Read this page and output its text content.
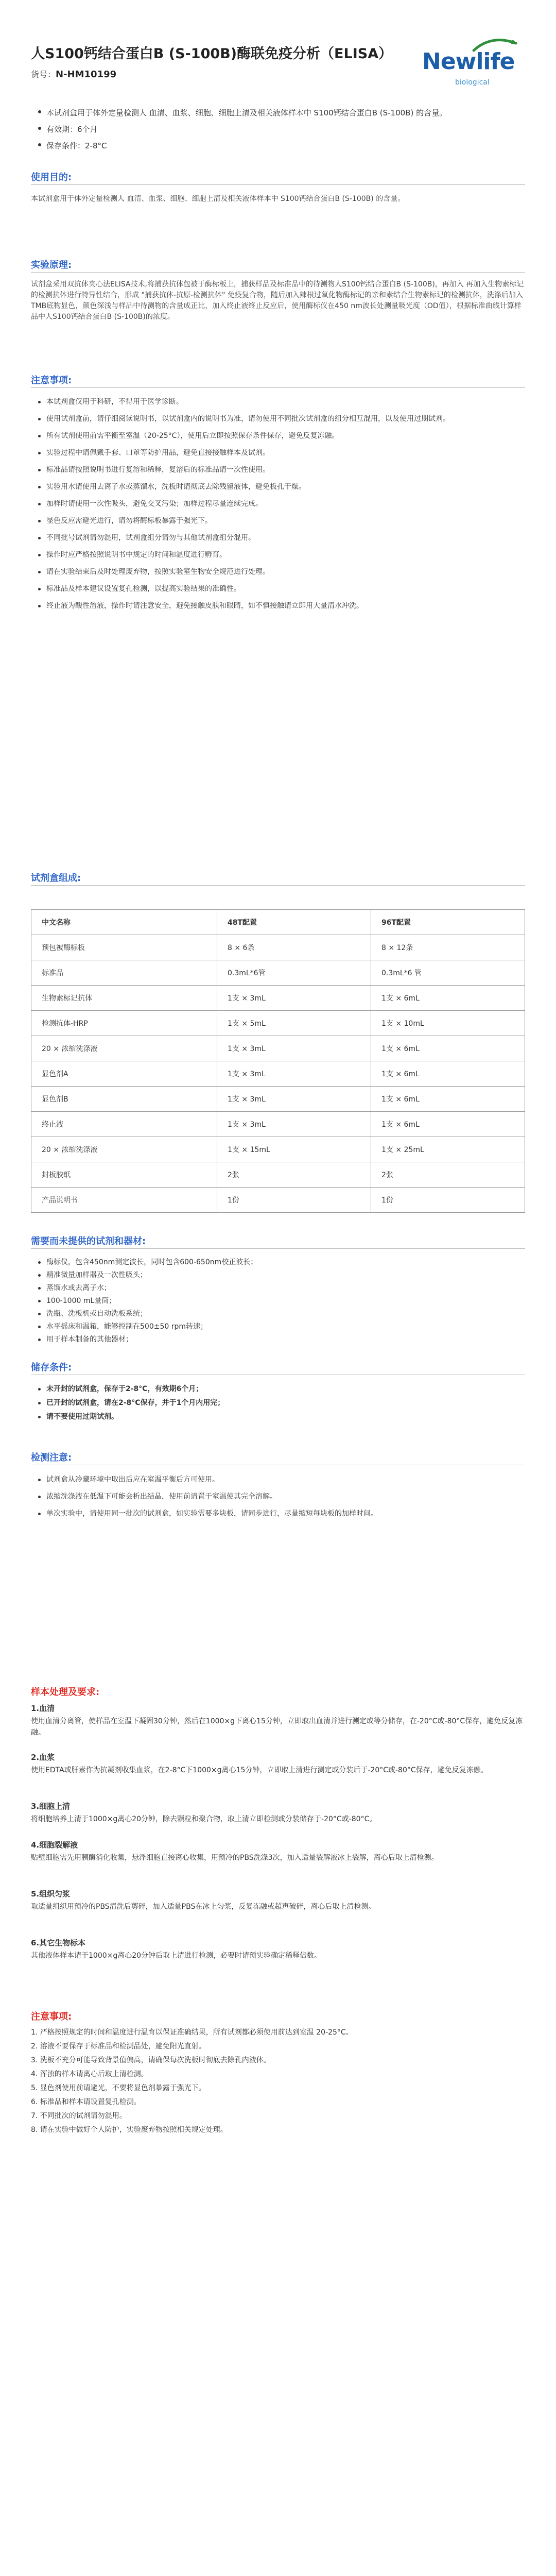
人S100钙结合蛋白B (S-100B)酶联免疫分析（ELISA）
货号：N-HM10199	Newlife
biological
本试剂盒用于体外定量检测人 血清、血浆、细胞、细胞上清及相关液体样本中 S100钙结合蛋白B (S-100B) 的含量。
有效期：6个月
保存条件：2-8°C
使用目的:
本试剂盒用于体外定量检测人 血清、血浆、细胞、细胞上清及相关液体样本中 S100钙结合蛋白B (S-100B) 的含量。
实验原理:
试剂盒采用双抗体夹心法ELISA技术,将捕获抗体包被于酶标板上，捕获样品及标准品中的待测物人S100钙结合蛋白B (S-100B)，再加入 再加入生物素标记的检测抗体进行特异性结合，形成 "捕获抗体-抗原-检测抗体" 免疫复合物，随后加入辣根过氧化物酶标记的亲和素结合生物素标记的检测抗体，洗涤后加入TMB底物显色，颜色深浅与样品中待测物的含量成正比，加入终止液终止反应后，使用酶标仪在450 nm波长处测量吸光度（OD值），根据标准曲线计算样品中人S100钙结合蛋白B (S-100B)的浓度。
注意事项:
本试剂盒仅用于科研，不得用于医学诊断。
使用试剂盒前，请仔细阅读说明书，以试剂盒内的说明书为准，请勿使用不同批次试剂盒的组分相互混用，以及使用过期试剂。
所有试剂使用前需平衡至室温（20-25°C），使用后立即按照保存条件保存，避免反复冻融。
实验过程中请佩戴手套、口罩等防护用品，避免直接接触样本及试剂。
标准品请按照说明书进行复溶和稀释，复溶后的标准品请一次性使用。
实验用水请使用去离子水或蒸馏水，洗板时请彻底去除残留液体，避免板孔干燥。
加样时请使用一次性吸头，避免交叉污染；加样过程尽量连续完成。
显色反应需避光进行，请勿将酶标板暴露于强光下。
不同批号试剂请勿混用，试剂盒组分请勿与其他试剂盒组分混用。
操作时应严格按照说明书中规定的时间和温度进行孵育。
请在实验结束后及时处理废弃物，按照实验室生物安全规范进行处理。
标准品及样本建议设置复孔检测，以提高实验结果的准确性。
终止液为酸性溶液，操作时请注意安全，避免接触皮肤和眼睛，如不慎接触请立即用大量清水冲洗。
试剂盒组成:
中文名称	48T配置	96T配置
预包被酶标板	8 × 6条	8 × 12条
标准品	0.3mL*6管	0.3mL*6 管
生物素标记抗体	1支 × 3mL	1支 × 6mL
检测抗体-HRP	1支 × 5mL	1支 × 10mL
20 × 浓缩洗涤液	1支 × 3mL	1支 × 6mL
显色剂A	1支 × 3mL	1支 × 6mL
显色剂B	1支 × 3mL	1支 × 6mL
终止液	1支 × 3mL	1支 × 6mL
20 × 浓缩洗涤液	1支 × 15mL	1支 × 25mL
封板胶纸	2张	2张
产品说明书	1份	1份
需要而未提供的试剂和器材:
酶标仪，包含450nm测定波长，同时包含600-650nm校正波长；
精准微量加样器及一次性吸头；
蒸馏水或去离子水；
100-1000 mL量筒；
洗瓶、洗板机或自动洗板系统；
水平摇床和温箱，能够控制在500±50 rpm转速；
用于样本制备的其他器材；
储存条件:
未开封的试剂盒，保存于2-8°C，有效期6个月；
已开封的试剂盒，请在2-8°C保存，并于1个月内用完；
请不要使用过期试剂。
检测注意:
试剂盒从冷藏环境中取出后应在室温平衡后方可使用。
浓缩洗涤液在低温下可能会析出结晶，使用前请置于室温使其完全溶解。
单次实验中，请使用同一批次的试剂盒，如实验需要多块板，请同步进行，尽量缩短每块板的加样时间。
样本处理及要求:
1.血清
使用血清分离管，使样品在室温下凝固30分钟，然后在1000×g下离心15分钟，立即取出血清并进行测定或等分储存，在-20°C或-80°C保存，避免反复冻融。
2.血浆
使用EDTA或肝素作为抗凝剂收集血浆，在2-8°C下1000×g离心15分钟，立即取上清进行测定或分装后于-20°C或-80°C保存，避免反复冻融。
3.细胞上清
将细胞培养上清于1000×g离心20分钟，除去颗粒和聚合物，取上清立即检测或分装储存于-20°C或-80°C。
4.细胞裂解液
贴壁细胞需先用胰酶消化收集，悬浮细胞直接离心收集，用预冷的PBS洗涤3次，加入适量裂解液冰上裂解，离心后取上清检测。
5.组织匀浆
取适量组织用预冷的PBS清洗后剪碎，加入适量PBS在冰上匀浆，反复冻融或超声破碎，离心后取上清检测。
6.其它生物标本
其他液体样本请于1000×g离心20分钟后取上清进行检测，必要时请预实验确定稀释倍数。
注意事项:
1. 严格按照规定的时间和温度进行温育以保证准确结果，所有试剂都必须使用前达到室温 20-25°C。
2. 溶液不要保存于标准品和检测品处，避免阳光直射。
3. 洗板不充分可能导致背景值偏高，请确保每次洗板时彻底去除孔内液体。
4. 浑浊的样本请离心后取上清检测。
5. 显色剂使用前请避光，不要将显色剂暴露于强光下。
6. 标准品和样本请设置复孔检测。
7. 不同批次的试剂请勿混用。
8. 请在实验中做好个人防护，实验废弃物按照相关规定处理。
